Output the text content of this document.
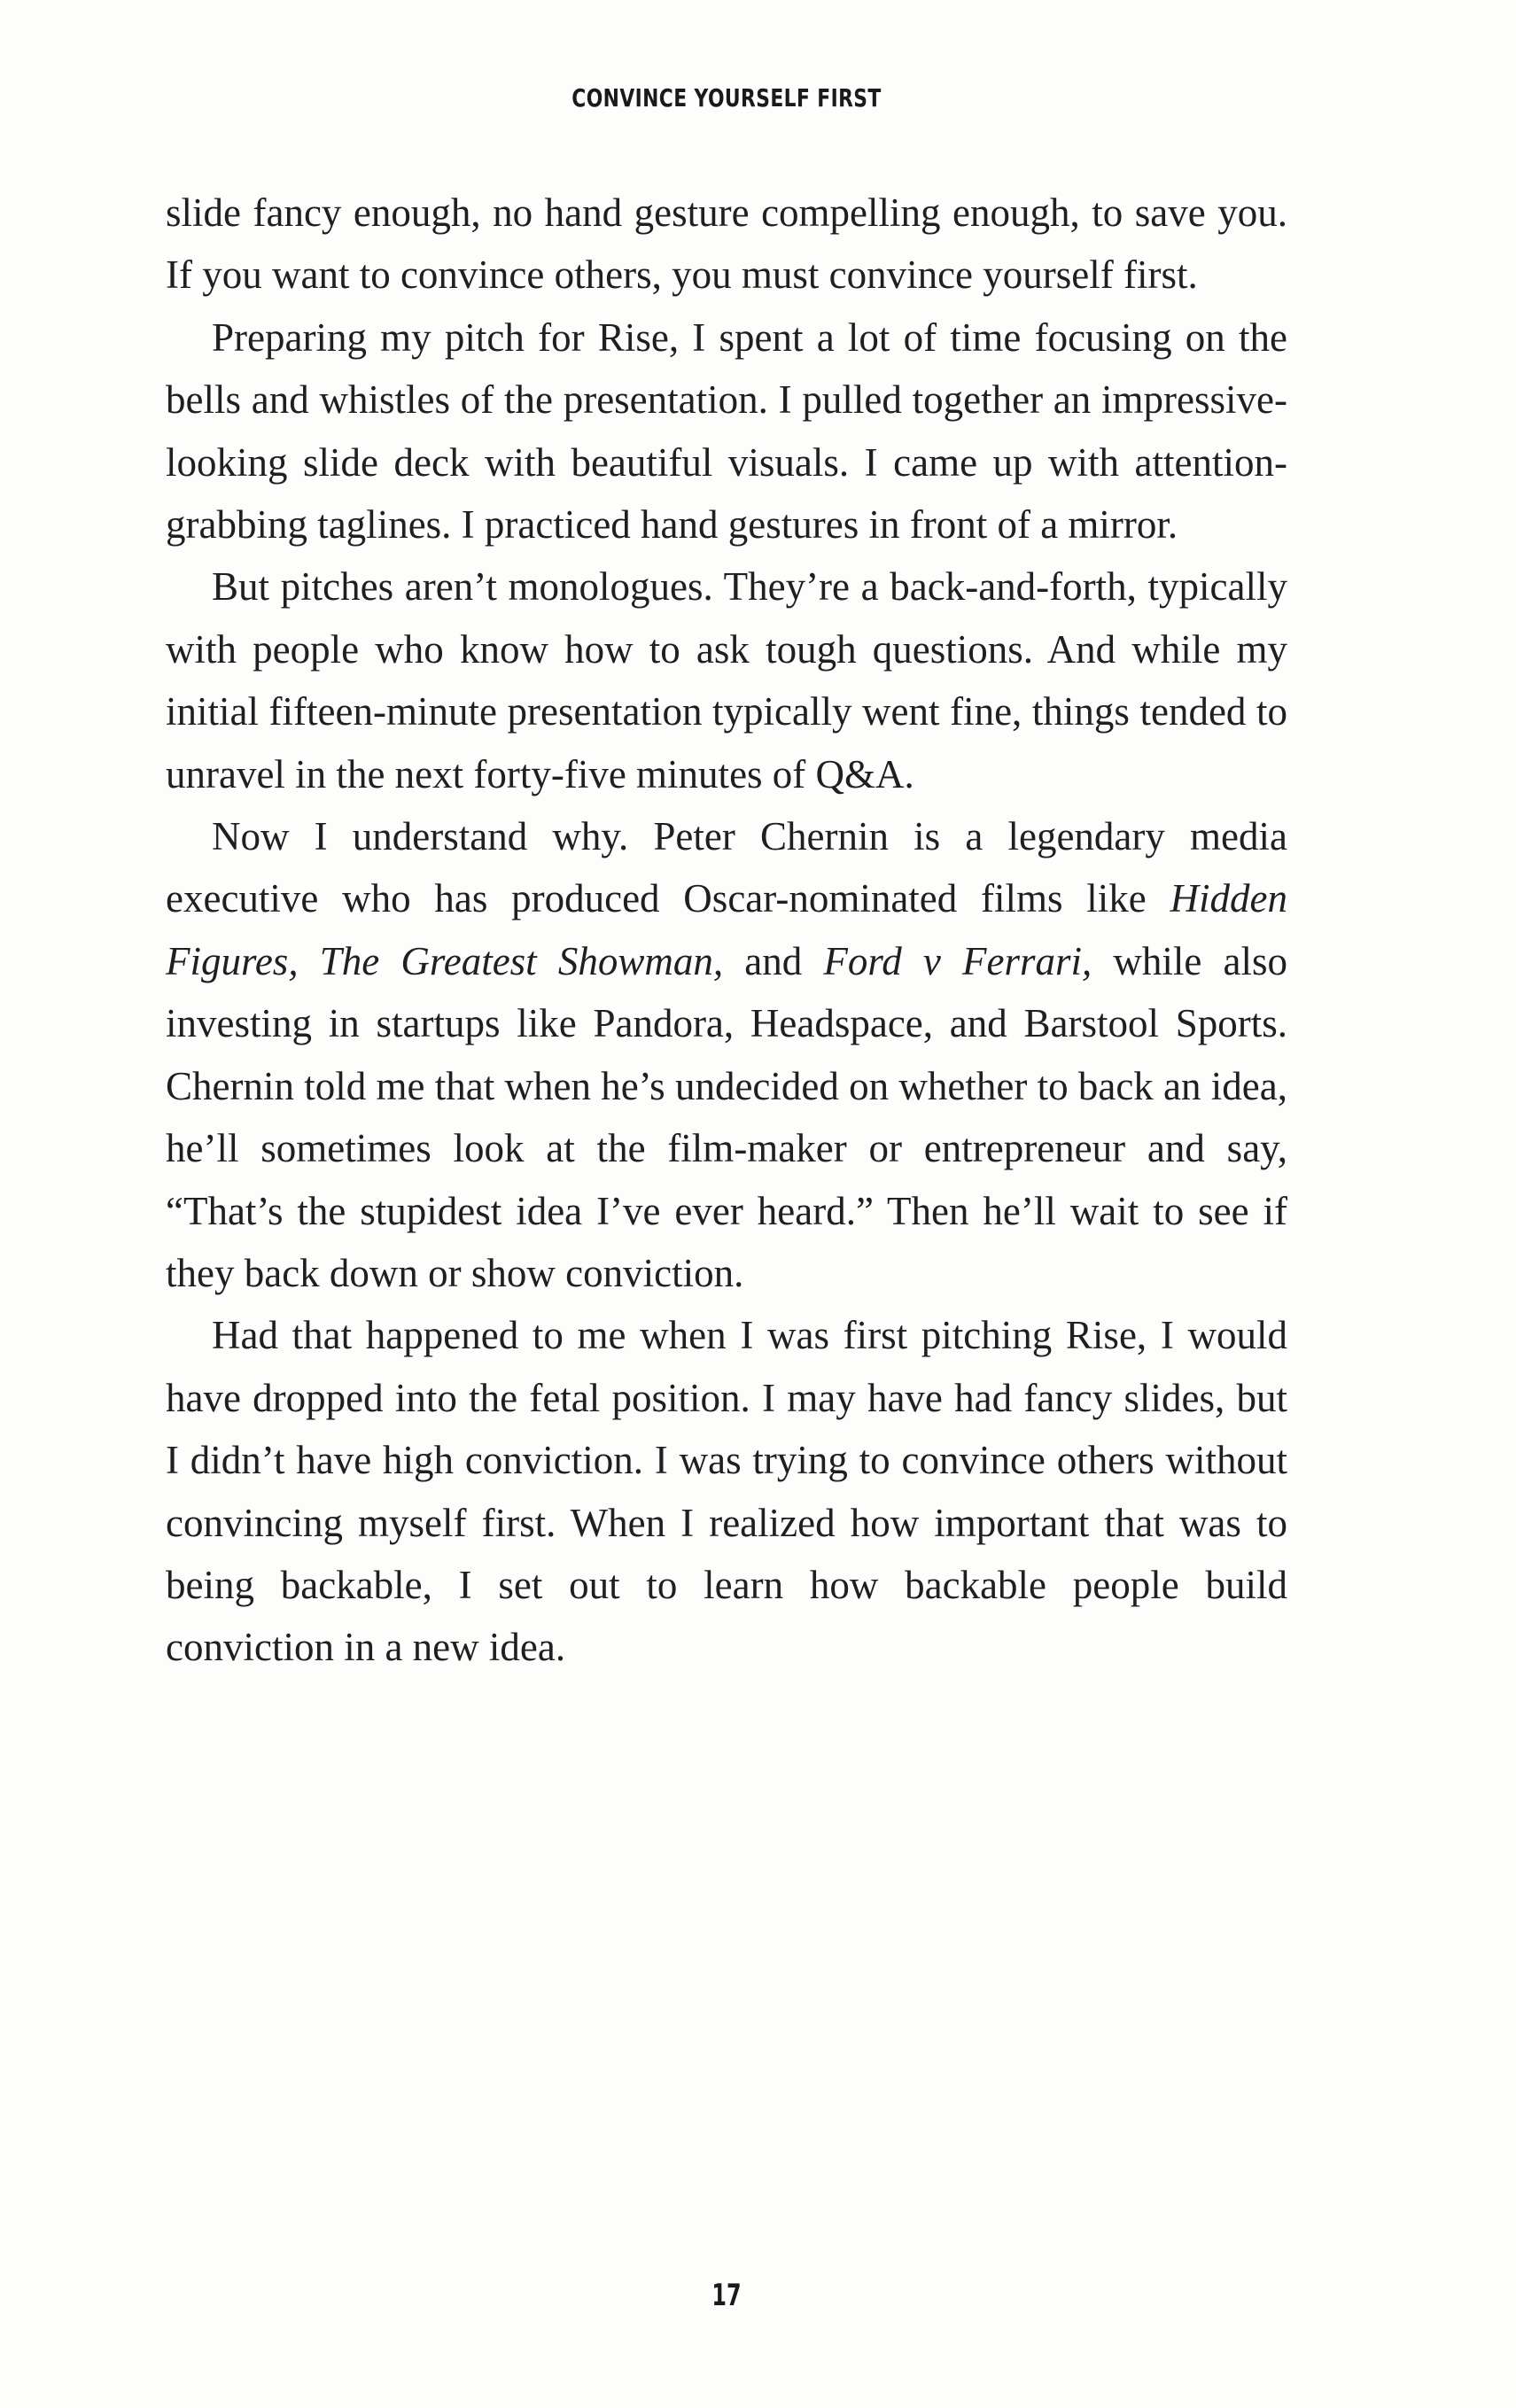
CONVINCE YOURSELF FIRST

slide fancy enough, no hand gesture compelling enough, to save you. If you want to convince others, you must convince yourself first.

Preparing my pitch for Rise, I spent a lot of time focusing on the bells and whistles of the presentation. I pulled together an impressive-looking slide deck with beautiful visuals. I came up with attention-grabbing taglines. I practiced hand gestures in front of a mirror.

But pitches aren’t monologues. They’re a back-and-forth, typically with people who know how to ask tough questions. And while my initial fifteen-minute presentation typically went fine, things tended to unravel in the next forty-five minutes of Q&A.

Now I understand why. Peter Chernin is a legendary media executive who has produced Oscar-nominated films like Hidden Figures, The Greatest Showman, and Ford v Ferrari, while also investing in startups like Pandora, Headspace, and Barstool Sports. Chernin told me that when he’s undecided on whether to back an idea, he’ll sometimes look at the film-maker or entrepreneur and say, “That’s the stupidest idea I’ve ever heard.” Then he’ll wait to see if they back down or show conviction.

Had that happened to me when I was first pitching Rise, I would have dropped into the fetal position. I may have had fancy slides, but I didn’t have high conviction. I was trying to convince others without convincing myself first. When I realized how important that was to being backable, I set out to learn how backable people build conviction in a new idea.

17
